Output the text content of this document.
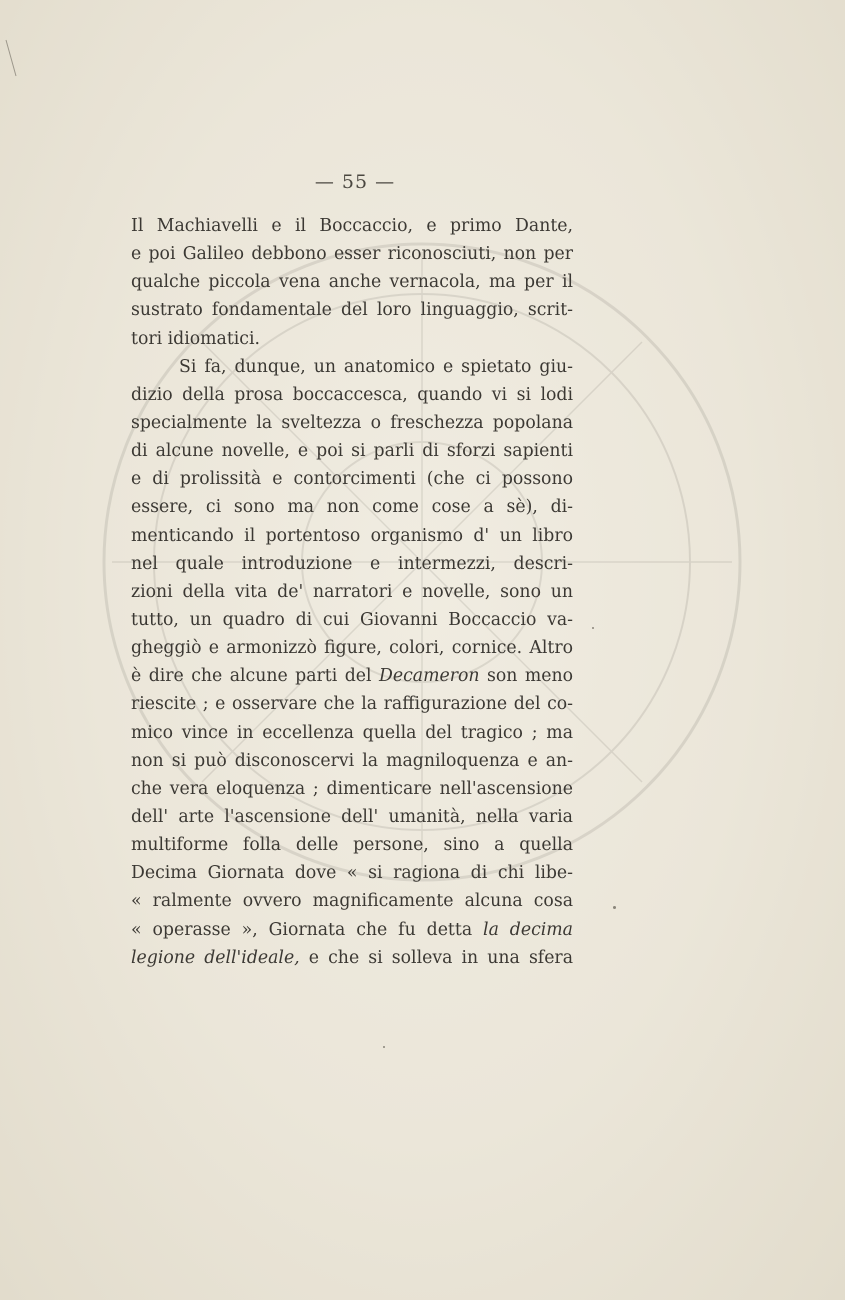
— 55 —
Il Machiavelli e il Boccaccio, e primo Dante,
e poi Galileo debbono esser riconosciuti, non per
qualche piccola vena anche vernacola, ma per il
sustrato fondamentale del loro linguaggio, scrit-
tori idiomatici.
Si fa, dunque, un anatomico e spietato giu-
dizio della prosa boccaccesca, quando vi si lodi
specialmente la sveltezza o freschezza popolana
di alcune novelle, e poi si parli di sforzi sapienti
e di prolissità e contorcimenti (che ci possono
essere, ci sono ma non come cose a sè), di-
menticando il portentoso organismo d' un libro
nel quale introduzione e intermezzi, descri-
zioni della vita de' narratori e novelle, sono un
tutto, un quadro di cui Giovanni Boccaccio va-
gheggiò e armonizzò figure, colori, cornice. Altro
è dire che alcune parti del Decameron son meno
riescite ; e osservare che la raffigurazione del co-
mico vince in eccellenza quella del tragico ; ma
non si può disconoscervi la magniloquenza e an-
che vera eloquenza ; dimenticare nell'ascensione
dell' arte l'ascensione dell' umanità, nella varia
multiforme folla delle persone, sino a quella
Decima Giornata dove « si ragiona di chi libe-
« ralmente ovvero magnificamente alcuna cosa
« operasse », Giornata che fu detta la decima
legione dell'ideale, e che si solleva in una sfera
